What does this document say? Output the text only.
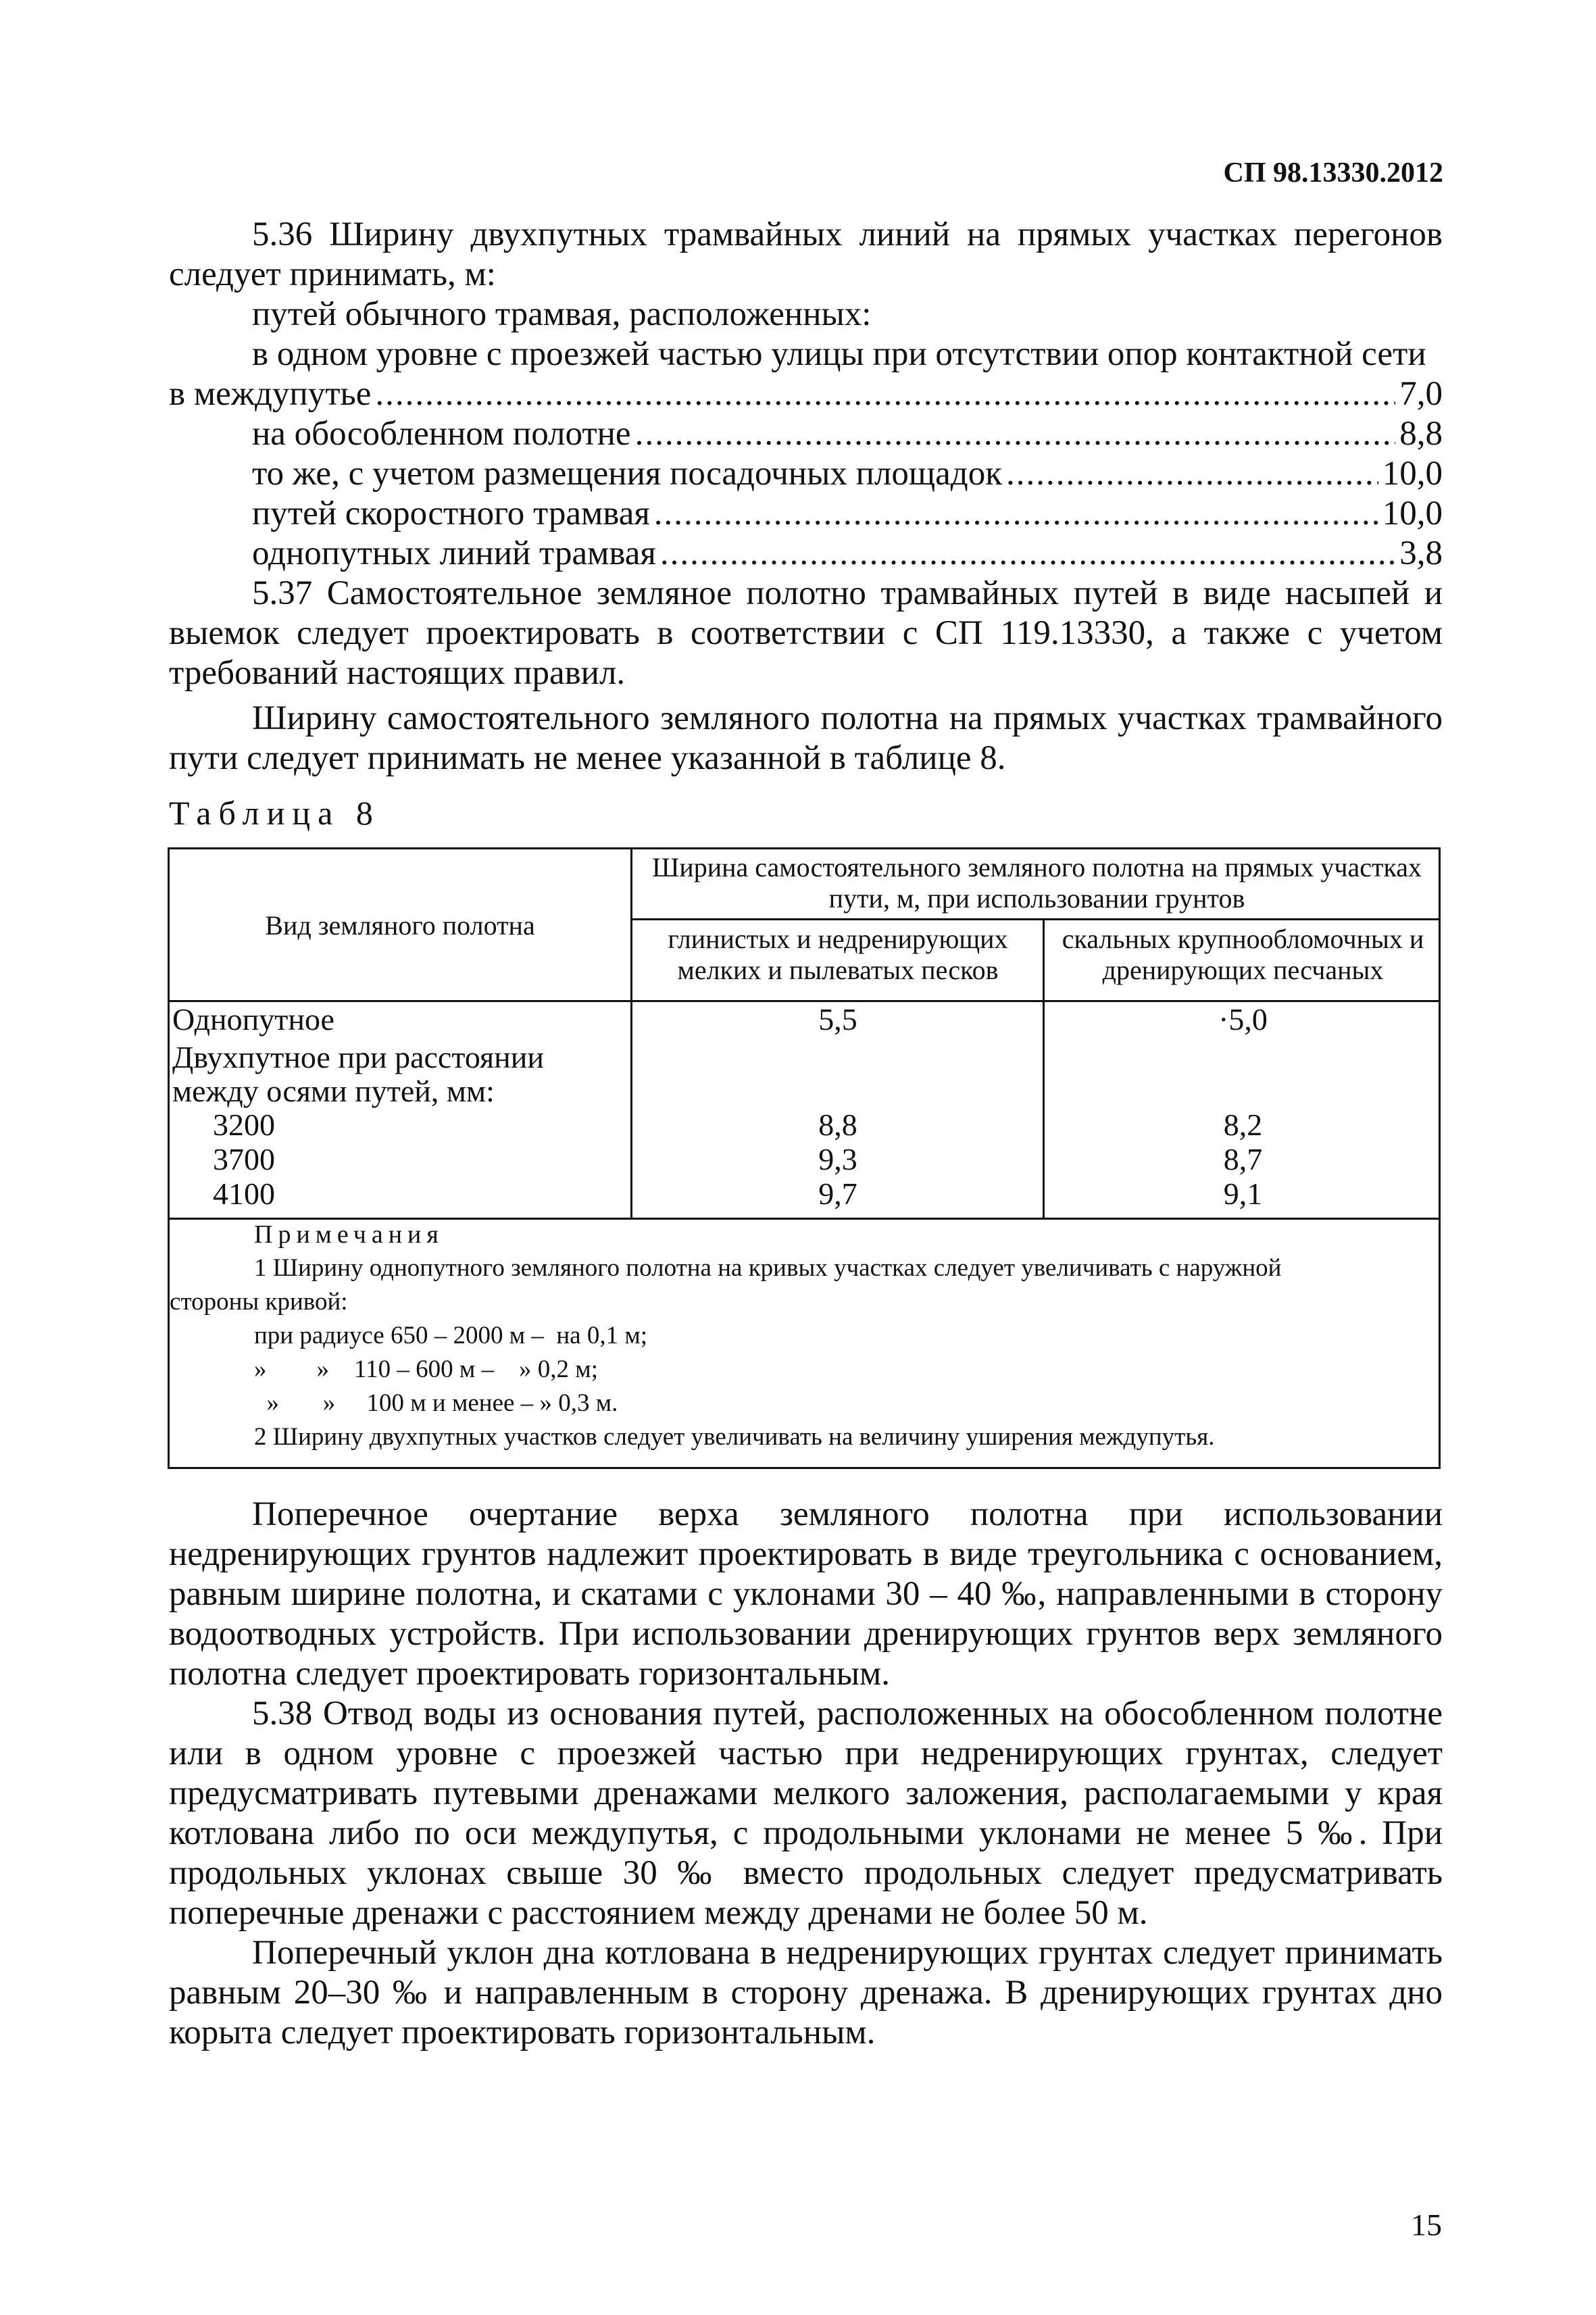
СП 98.13330.2012

5.36 Ширину двухпутных трамвайных линий на прямых участках перегонов следует принимать, м:

путей обычного трамвая, расположенных:

в одном уровне с проезжей частью улицы при отсутствии опор контактной сети

в междупутье .....	7,0
на обособленном полотне .....	8,8
то же, с учетом размещения посадочных площадок .....	10,0
путей скоростного трамвая .....	10,0
однопутных линий трамвая .....	3,8

5.37 Самостоятельное земляное полотно трамвайных путей в виде насыпей и выемок следует проектировать в соответствии с СП 119.13330, а также с учетом требований настоящих правил.

Ширину самостоятельного земляного полотна на прямых участках трамвайного пути следует принимать не менее указанной в таблице 8.

Таблица 8
Вид земляного полотна
Ширина самостоятельного земляного полотна на прямых участках пути, м, при использовании грунтов
глинистых и недренирующих мелких и пылеватых песков
скальных крупнообломочных и дренирующих песчаных
Однопутное	5,5	·5,0
Двухпутное при расстоянии между осями путей, мм:
3200	8,8	8,2
3700	9,3	8,7
4100	9,7	9,1
Примечания
1 Ширину однопутного земляного полотна на кривых участках следует увеличивать с наружной
стороны кривой:
при радиусе 650 – 2000 м –  на 0,1 м;
»        »    110 – 600 м –    » 0,2 м;
»       »     100 м и менее – » 0,3 м.
2 Ширину двухпутных участков следует увеличивать на величину уширения междупутья.

Поперечное очертание верха земляного полотна при использовании недренирующих грунтов надлежит проектировать в виде треугольника с основанием, равным ширине полотна, и скатами с уклонами 30 – 40 ‰, направленными в сторону водоотводных устройств. При использовании дренирующих грунтов верх земляного полотна следует проектировать горизонтальным.

5.38 Отвод воды из основания путей, расположенных на обособленном полотне или в одном уровне с проезжей частью при недренирующих грунтах, следует предусматривать путевыми дренажами мелкого заложения, располагаемыми у края котлована либо по оси междупутья, с продольными уклонами не менее 5 ‰. При продольных уклонах свыше 30 ‰ вместо продольных следует предусматривать поперечные дренажи с расстоянием между дренами не более 50 м.

Поперечный уклон дна котлована в недренирующих грунтах следует принимать равным 20–30 ‰ и направленным в сторону дренажа. В дренирующих грунтах дно корыта следует проектировать горизонтальным.

15
